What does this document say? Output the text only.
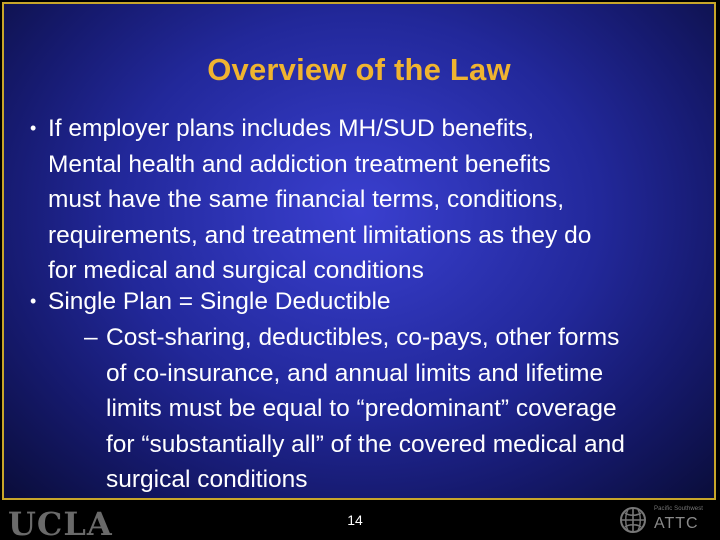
Overview of the Law
• If employer plans includes MH/SUD benefits,
Mental health and addiction treatment benefits
must have the same financial terms, conditions,
requirements, and treatment limitations as they do
for medical and surgical conditions
• Single Plan = Single Deductible
– Cost-sharing, deductibles, co-pays, other forms
of co-insurance, and annual limits and lifetime
limits must be equal to “predominant” coverage
for “substantially all” of the covered medical and
surgical conditions
UCLA	14
Pacific Southwest
ATTC
